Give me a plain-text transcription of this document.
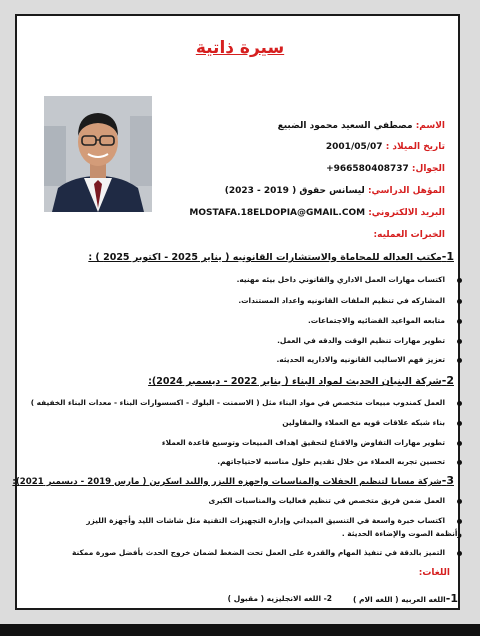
سيرة ذاتية
الاسم: مصطفي السعيد محمود الضبيع
تاريخ الميلاد : 2001/05/07
الجوال: +966580408737
المؤهل الدراسي: ليسانس حقوق ( 2019 - 2023)
البريد الالكتروني: MOSTAFA.18ELDOPIA@GMAIL.COM
الخبرات العمليه:
1-مكتب العداله للمحاماة والاستشارات القانونيه ( يناير 2025 - اكتوبر 2025 ) :
اكتساب مهارات العمل الاداري والقانوني داخل بيئه مهنيه.
المشاركه في تنظيم الملفات القانونيه واعداد المستندات.
متابعه المواعيد القضائيه والاجتماعات.
تطوير مهارات تنظيم الوقت والدقه في العمل.
تعزيز فهم الاساليب القانونيه والاداريه الحديثه.
2-شركة البنيان الحديث لمواد البناء ( يناير 2022 - ديسمبر 2024):
العمل كمندوب مبيعات متخصص في مواد البناء مثل ( الاسمنت - البلوك - اكسسوارات البناء - معدات البناء الخفيفه )
بناء شبكه علاقات قويه مع العملاء والمقاولين
تطوير مهارات التفاوض والاقناع لتحقيق اهداف المبيعات وتوسيع قاعدة العملاء
تحسين تجربه العملاء من خلال تقديم حلول مناسبه لاحتياجاتهم.
3-شركة مسايا لتنظيم الحفلات والمناسبات واجهزه الليزر والليد اسكرين ( مارس 2019 - ديسمبر 2021):
العمل ضمن فريق متخصص في تنظيم فعاليات والمناسبات الكبرى
اكتساب خبرة واسعة في التنسيق الميداني وإدارة التجهيزات التقنية مثل شاشات الليد وأجهزة الليزر وأنظمة الصوت والإضاءة الحديثة .
التميز بالدقة في تنفيذ المهام والقدرة على العمل تحت الضغط لضمان خروج الحدث بأفضل صورة ممكنة
اللغات:
1-اللغه العربيه ( اللغه الام )
2- اللغه الانجليزيه ( مقبول )
